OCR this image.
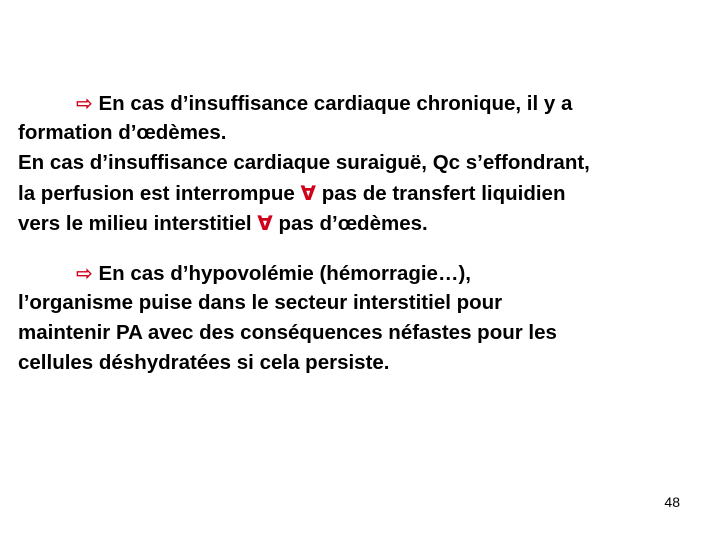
⇨ En cas d’insuffisance cardiaque chronique, il y a
formation d’œdèmes.
En cas d’insuffisance cardiaque suraiguë, Qc s’effondrant,
la perfusion est interrompue ∀ pas de transfert liquidien
vers le milieu interstitiel ∀ pas d’œdèmes.
⇨ En cas d’hypovolémie (hémorragie…),
l’organisme puise dans le secteur interstitiel pour
maintenir PA avec des conséquences néfastes pour les
cellules déshydratées si cela persiste.
48
